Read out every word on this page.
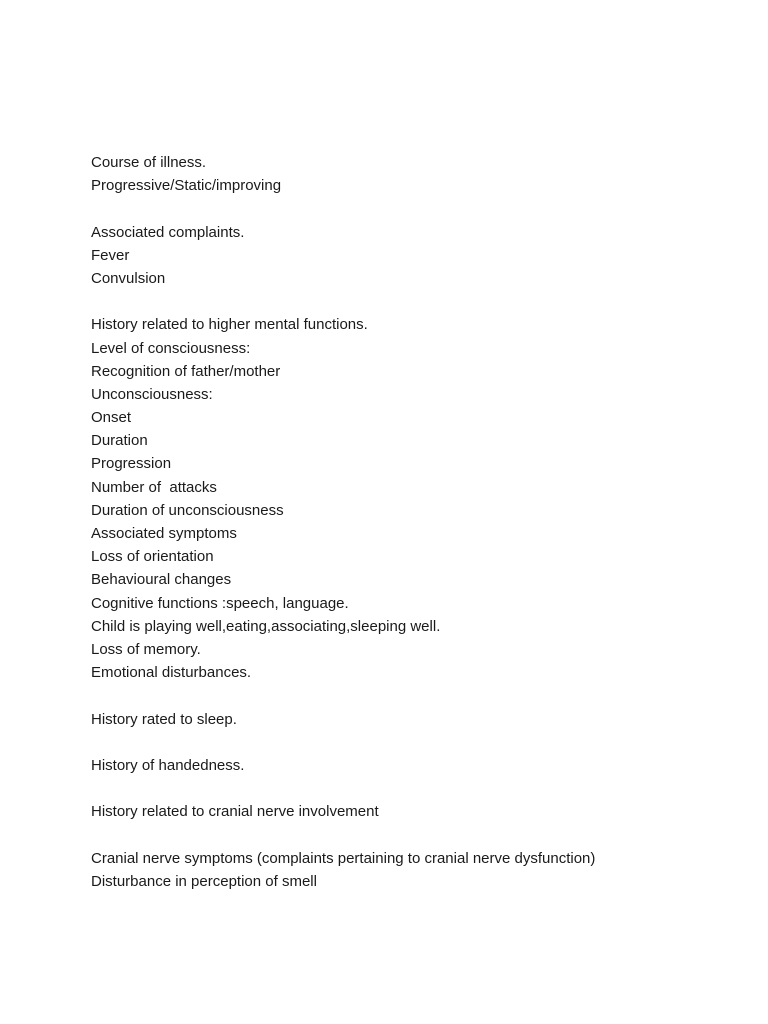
Course of illness.
Progressive/Static/improving
Associated complaints.
Fever
Convulsion
History related to higher mental functions.
Level of consciousness:
Recognition of father/mother
Unconsciousness:
Onset
Duration
Progression
Number of  attacks
Duration of unconsciousness
Associated symptoms
Loss of orientation
Behavioural changes
Cognitive functions :speech, language.
Child is playing well,eating,associating,sleeping well.
Loss of memory.
Emotional disturbances.
History rated to sleep.
History of handedness.
History related to cranial nerve involvement
Cranial nerve symptoms (complaints pertaining to cranial nerve dysfunction)
Disturbance in perception of smell
